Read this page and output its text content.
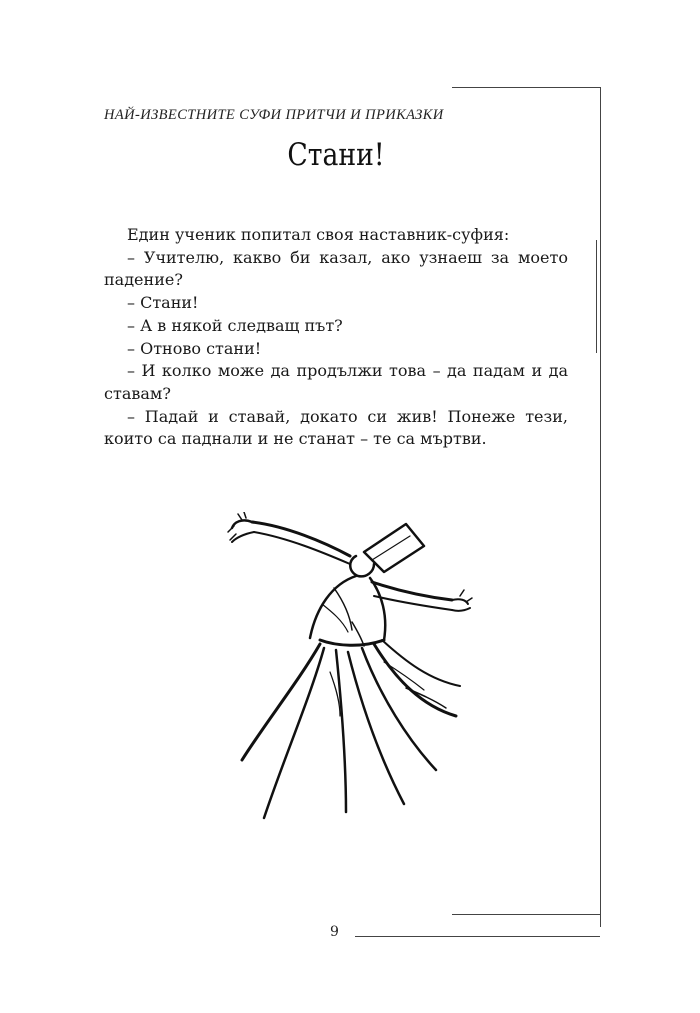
НАЙ-ИЗВЕСТНИТЕ СУФИ ПРИТЧИ И ПРИКАЗКИ
Стани!

Един ученик попитал своя наставник-суфия:

– Учителю, какво би казал, ако узнаеш за моето падение?

– Стани!

– А в някой следващ път?

– Отново стани!

– И колко може да продължи това – да падам и да ставам?

– Падай и ставай, докато си жив! Понеже тези, които са паднали и не станат – те са мъртви.

9
